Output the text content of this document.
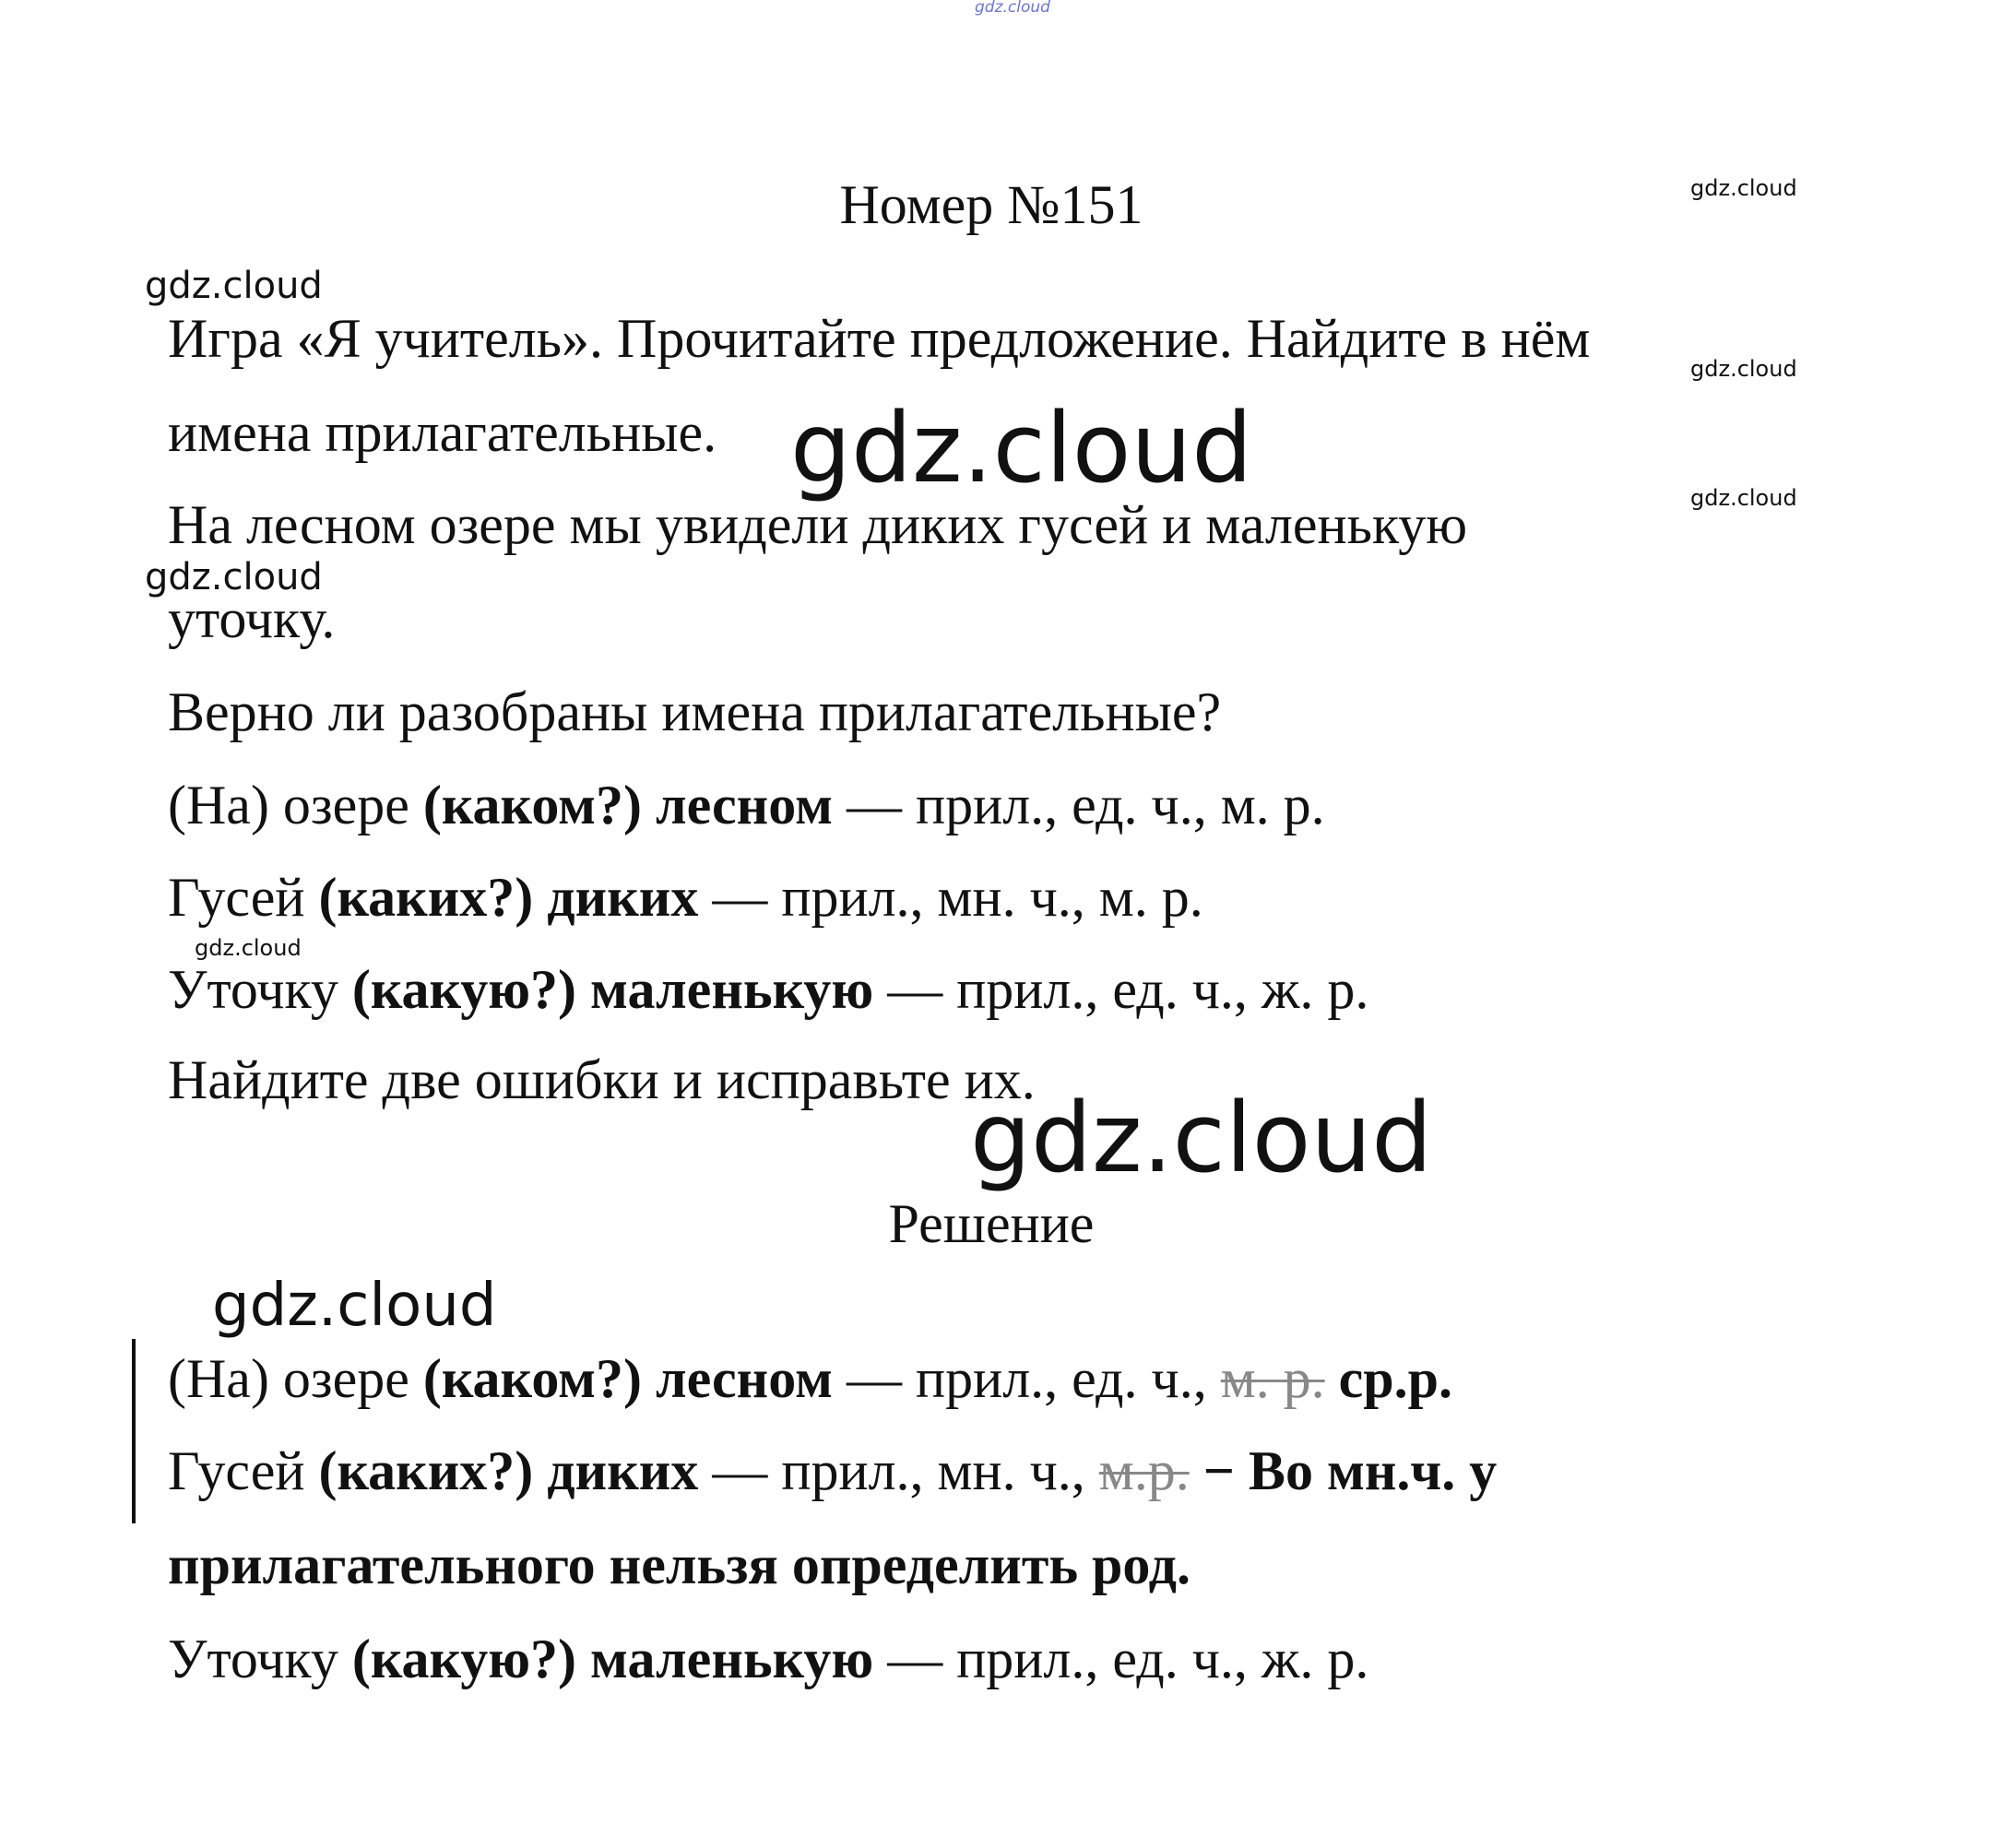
gdz.cloud
gdz.cloud
gdz.cloud
gdz.cloud
gdz.cloud	gdz.cloud
gdz.cloud
gdz.cloud
gdz.cloud
gdz.cloud
Номер №151
Игра «Я учитель». Прочитайте предложение. Найдите в нём
имена прилагательные.
На лесном озере мы увидели диких гусей и маленькую
уточку.
Верно ли разобраны имена прилагательные?
(На) озере (каком?) лесном — прил., ед. ч., м. р.
Гусей (каких?) диких — прил., мн. ч., м. р.
Уточку (какую?) маленькую — прил., ед. ч., ж. р.
Найдите две ошибки и исправьте их.
Решение
(На) озере (каком?) лесном — прил., ед. ч., м. р. ср.р.
Гусей (каких?) диких — прил., мн. ч., м.р. − Во мн.ч. у
прилагательного нельзя определить род.
Уточку (какую?) маленькую — прил., ед. ч., ж. р.
